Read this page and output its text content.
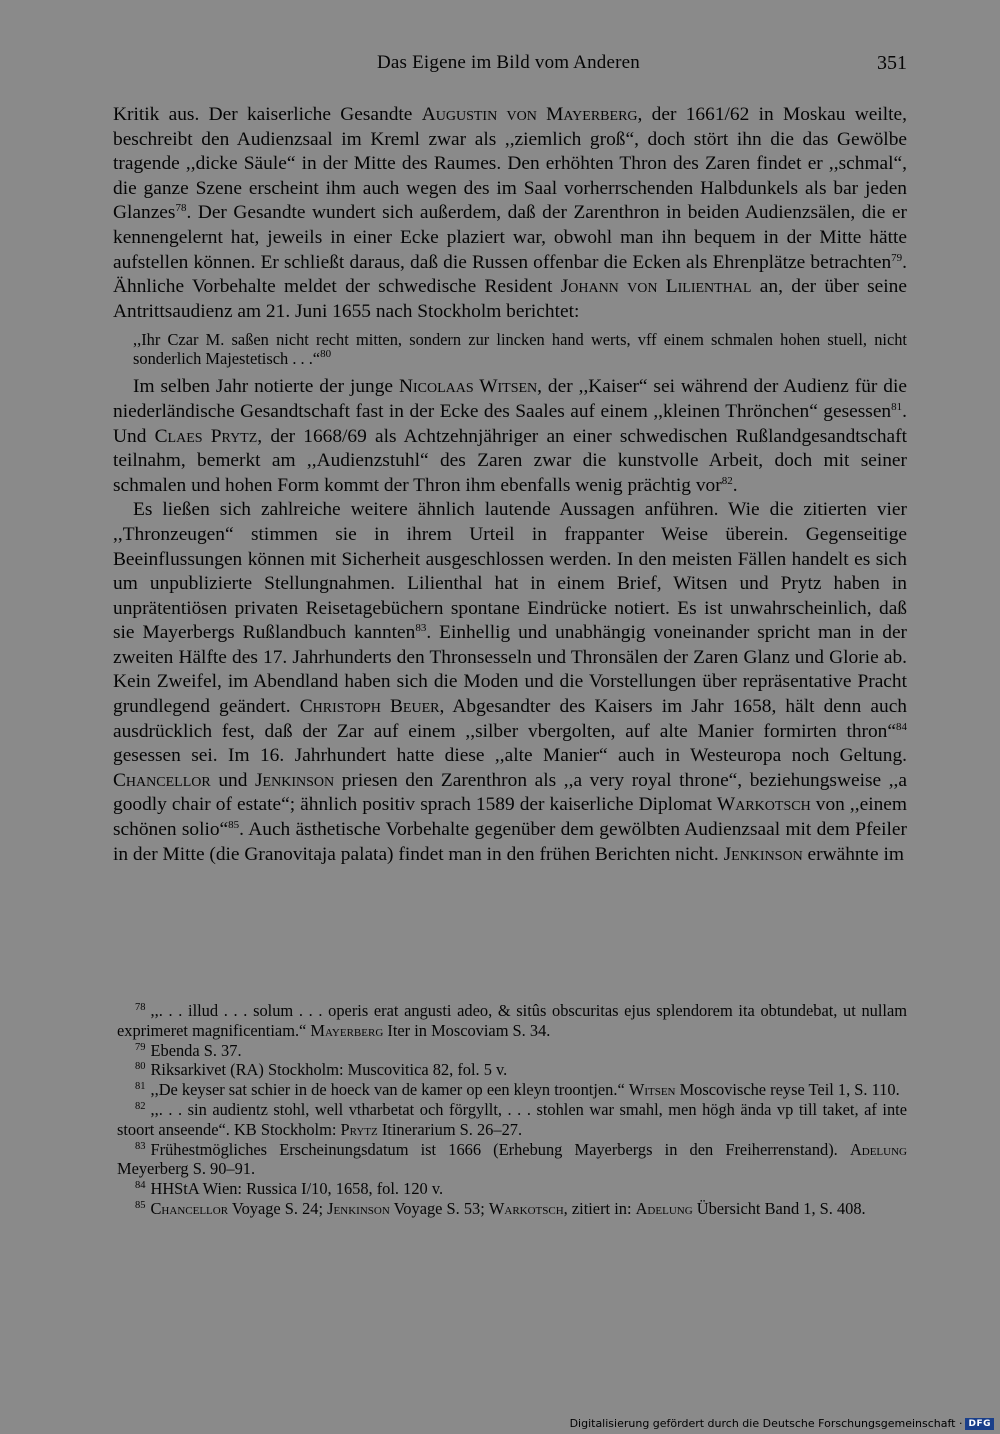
Das Eigene im Bild vom Anderen	351

Kritik aus. Der kaiserliche Gesandte Augustin von Mayerberg, der 1661/62 in Moskau weilte, beschreibt den Audienzsaal im Kreml zwar als ,,ziemlich groß“, doch stört ihn die das Gewölbe tragende ,,dicke Säule“ in der Mitte des Raumes. Den erhöhten Thron des Zaren findet er ,,schmal“, die ganze Szene erscheint ihm auch wegen des im Saal vorherrschenden Halbdunkels als bar jeden Glanzes$^{78}$. Der Gesandte wundert sich außerdem, daß der Zarenthron in beiden Audienzsälen, die er kennengelernt hat, jeweils in einer Ecke plaziert war, obwohl man ihn bequem in der Mitte hätte aufstellen können. Er schließt daraus, daß die Russen offenbar die Ecken als Ehrenplätze betrachten$^{79}$. Ähnliche Vorbehalte meldet der schwedische Resident Johann von Lilienthal an, der über seine Antrittsaudienz am 21. Juni 1655 nach Stockholm berichtet:

,,Ihr Czar M. saßen nicht recht mitten, sondern zur lincken hand werts, vff einem schmalen hohen stuell, nicht sonderlich Majestetisch . . .“$^{80}$

Im selben Jahr notierte der junge Nicolaas Witsen, der ,,Kaiser“ sei während der Audienz für die niederländische Gesandtschaft fast in der Ecke des Saales auf einem ,,kleinen Thrönchen“ gesessen$^{81}$. Und Claes Prytz, der 1668/69 als Achtzehnjähriger an einer schwedischen Rußlandgesandtschaft teilnahm, bemerkt am ,,Audienzstuhl“ des Zaren zwar die kunstvolle Arbeit, doch mit seiner schmalen und hohen Form kommt der Thron ihm ebenfalls wenig prächtig vor$^{82}$.

Es ließen sich zahlreiche weitere ähnlich lautende Aussagen anführen. Wie die zitierten vier ,,Thronzeugen“ stimmen sie in ihrem Urteil in frappanter Weise überein. Gegenseitige Beeinflussungen können mit Sicherheit ausgeschlossen werden. In den meisten Fällen handelt es sich um unpublizierte Stellungnahmen. Lilienthal hat in einem Brief, Witsen und Prytz haben in unprätentiösen privaten Reisetagebüchern spontane Eindrücke notiert. Es ist unwahrscheinlich, daß sie Mayerbergs Rußlandbuch kannten$^{83}$. Einhellig und unabhängig voneinander spricht man in der zweiten Hälfte des 17. Jahrhunderts den Thronsesseln und Thronsälen der Zaren Glanz und Glorie ab. Kein Zweifel, im Abendland haben sich die Moden und die Vorstellungen über repräsentative Pracht grundlegend geändert. Christoph Beuer, Abgesandter des Kaisers im Jahr 1658, hält denn auch ausdrücklich fest, daß der Zar auf einem ,,silber vbergolten, auf alte Manier formirten thron“$^{84}$ gesessen sei. Im 16. Jahrhundert hatte diese ,,alte Manier“ auch in Westeuropa noch Geltung. Chancellor und Jenkinson priesen den Zarenthron als ,,a very royal throne“, beziehungsweise ,,a goodly chair of estate“; ähnlich positiv sprach 1589 der kaiserliche Diplomat Warkotsch von ,,einem schönen solio“$^{85}$. Auch ästhetische Vorbehalte gegenüber dem gewölbten Audienzsaal mit dem Pfeiler in der Mitte (die Granovitaja palata) findet man in den frühen Berichten nicht. Jenkinson erwähnte im

$^{78}$ ,,. . . illud . . . solum . . . operis erat angusti adeo, & sitûs obscuritas ejus splendorem ita obtundebat, ut nullam exprimeret magnificentiam.“ Mayerberg Iter in Moscoviam S. 34.

$^{79}$ Ebenda S. 37.

$^{80}$ Riksarkivet (RA) Stockholm: Muscovitica 82, fol. 5 v.

$^{81}$ ,,De keyser sat schier in de hoeck van de kamer op een kleyn troontjen.“ Witsen Moscovische reyse Teil 1, S. 110.

$^{82}$ ,,. . . sin audientz stohl, well vtharbetat och förgyllt, . . . stohlen war smahl, men högh ända vp till taket, af inte stoort anseende“. KB Stockholm: Prytz Itinerarium S. 26–27.

$^{83}$ Frühestmögliches Erscheinungsdatum ist 1666 (Erhebung Mayerbergs in den Freiherrenstand). Adelung Meyerberg S. 90–91.

$^{84}$ HHStA Wien: Russica I/10, 1658, fol. 120 v.

$^{85}$ Chancellor Voyage S. 24; Jenkinson Voyage S. 53; Warkotsch, zitiert in: Adelung Übersicht Band 1, S. 408.

Digitalisierung gefördert durch die Deutsche Forschungsgemeinschaft · DFG
